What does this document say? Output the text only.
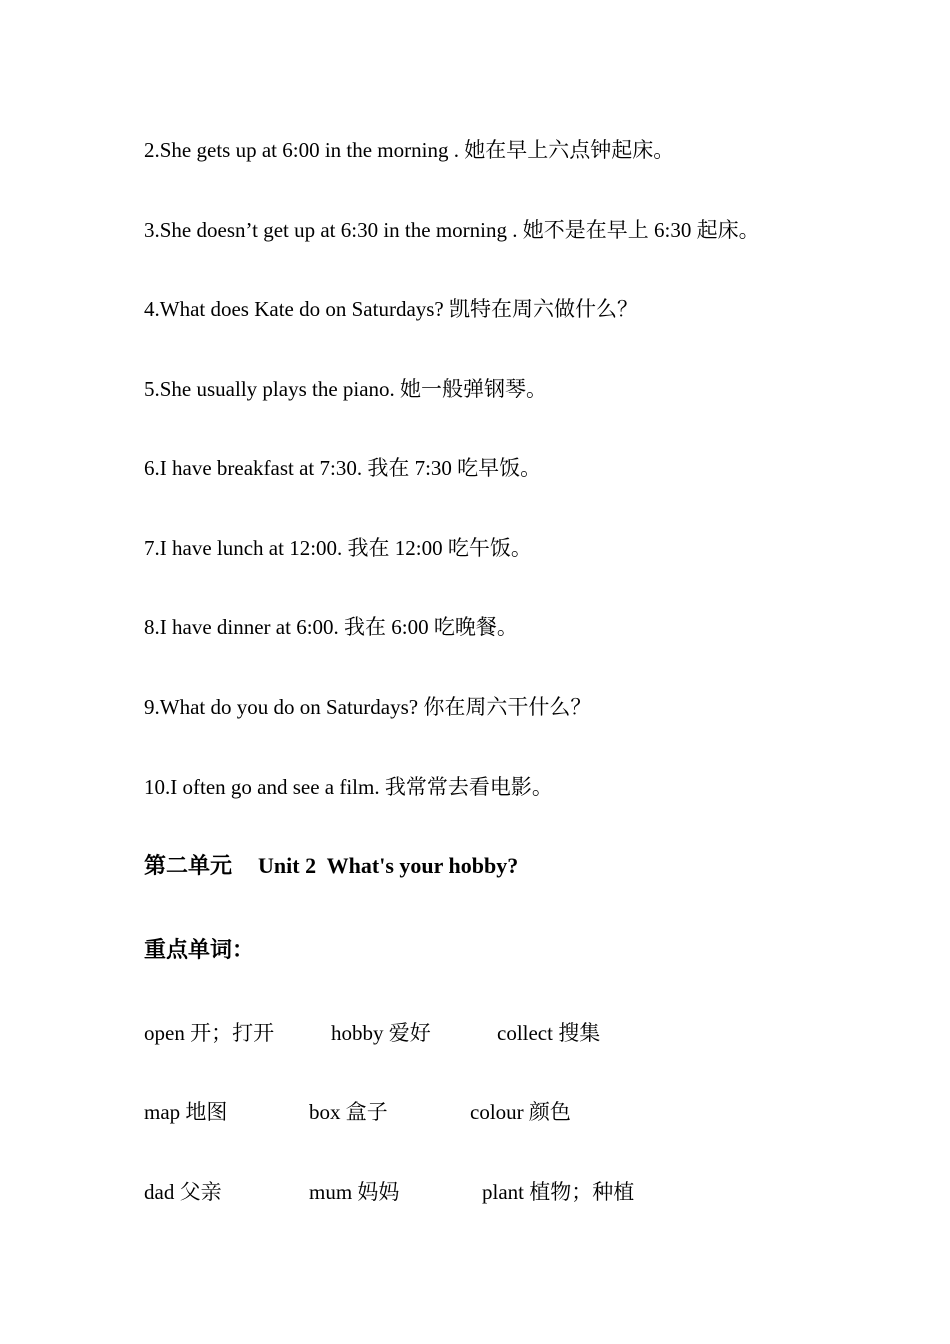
2.She gets up at 6:00 in the morning . 她在早上六点钟起床。
3.She doesn’t get up at 6:30 in the morning . 她不是在早上 6:30 起床。
4.What does Kate do on Saturdays? 凯特在周六做什么？
5.She usually plays the piano. 她一般弹钢琴。
6.I have breakfast at 7:30. 我在 7:30 吃早饭。
7.I have lunch at 12:00. 我在 12:00 吃午饭。
8.I have dinner at 6:00. 我在 6:00 吃晚餐。
9.What do you do on Saturdays? 你在周六干什么？
10.I often go and see a film. 我常常去看电影。
第二单元 Unit 2  What's your hobby?
重点单词：
open 开；打开	hobby 爱好	collect 搜集
map 地图	box 盒子	colour 颜色
dad 父亲	mum 妈妈	plant 植物；种植
